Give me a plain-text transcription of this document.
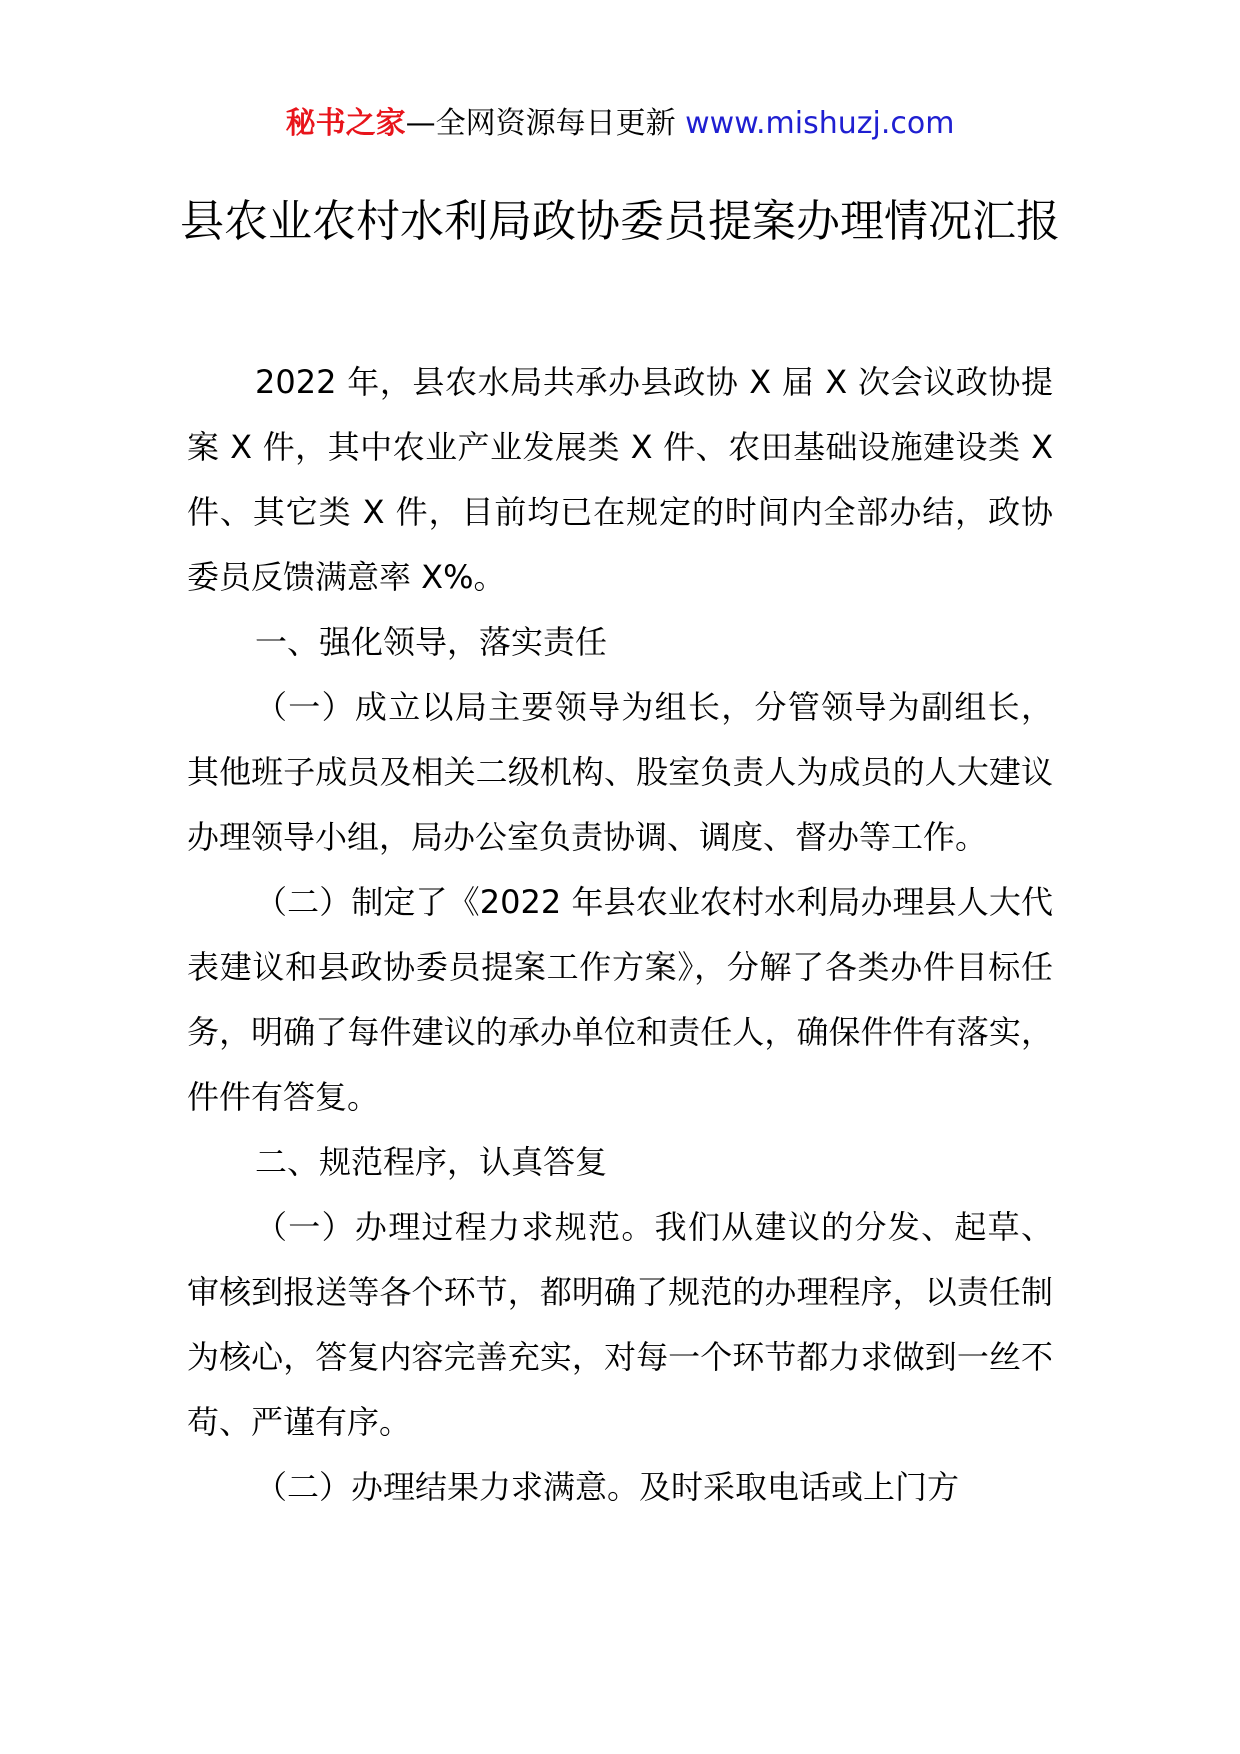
秘书之家—全网资源每日更新 www.mishuzj.com
县农业农村水利局政协委员提案办理情况汇报

2022 年，县农水局共承办县政协 X 届 X 次会议政协提案 X 件，其中农业产业发展类 X 件、农田基础设施建设类 X 件、其它类 X 件，目前均已在规定的时间内全部办结，政协委员反馈满意率 X%。

一、强化领导，落实责任

（一）成立以局主要领导为组长，分管领导为副组长，其他班子成员及相关二级机构、股室负责人为成员的人大建议办理领导小组，局办公室负责协调、调度、督办等工作。

（二）制定了《2022 年县农业农村水利局办理县人大代表建议和县政协委员提案工作方案》，分解了各类办件目标任务，明确了每件建议的承办单位和责任人，确保件件有落实，件件有答复。

二、规范程序，认真答复

（一）办理过程力求规范。我们从建议的分发、起草、审核到报送等各个环节，都明确了规范的办理程序，以责任制为核心，答复内容完善充实，对每一个环节都力求做到一丝不苟、严谨有序。

（二）办理结果力求满意。及时采取电话或上门方
